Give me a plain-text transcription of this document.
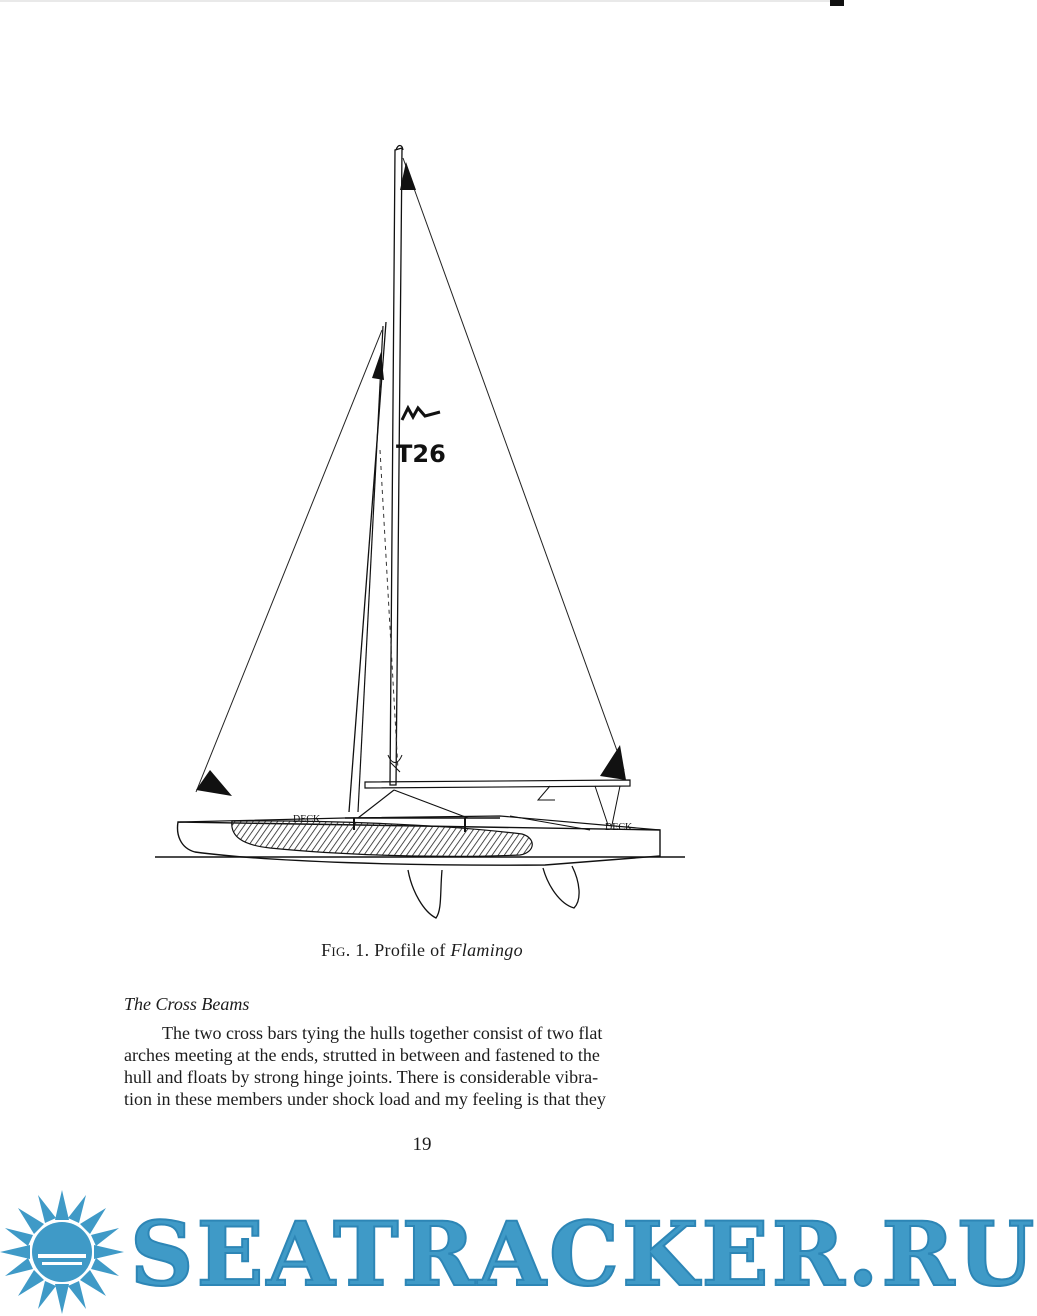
T26
DECK
DECK
Fig. 1. Profile of Flamingo
The Cross Beams
The two cross bars tying the hulls together consist of two flat
arches meeting at the ends, strutted in between and fastened to the
hull and floats by strong hinge joints. There is considerable vibra-
tion in these members under shock load and my feeling is that they
19
SEATRACKER.RU
